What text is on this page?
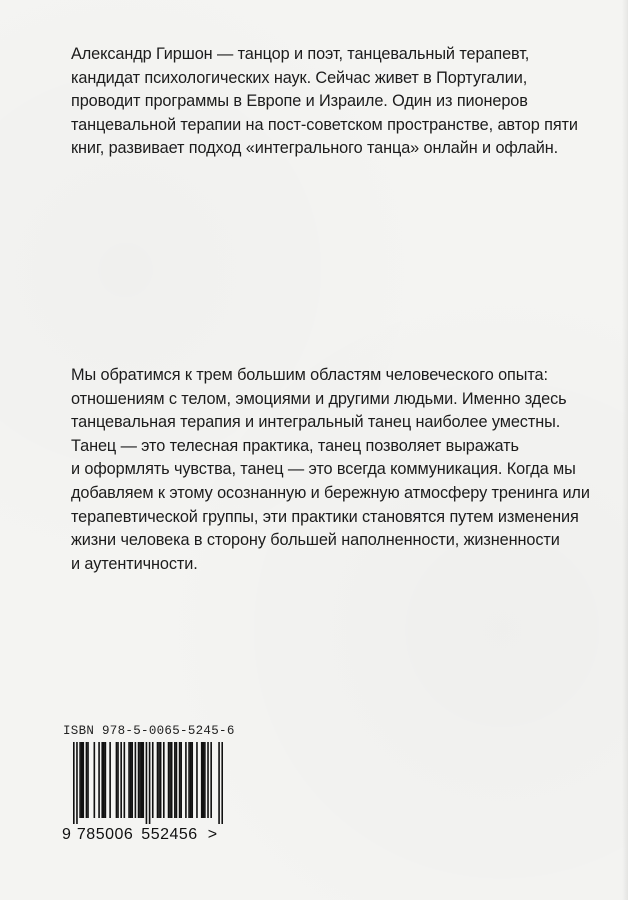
Александр Гиршон — танцор и поэт, танцевальный терапевт,
кандидат психологических наук. Сейчас живет в Португалии,
проводит программы в Европе и Израиле. Один из пионеров
танцевальной терапии на пост-советском пространстве, автор пяти
книг, развивает подход «интегрального танца» онлайн и офлайн.

Мы обратимся к трем большим областям человеческого опыта:
отношениям с телом, эмоциями и другими людьми. Именно здесь
танцевальная терапия и интегральный танец наиболее уместны.
Танец — это телесная практика, танец позволяет выражать
и оформлять чувства, танец — это всегда коммуникация. Когда мы
добавляем к этому осознанную и бережную атмосферу тренинга или
терапевтической группы, эти практики становятся путем изменения
жизни человека в сторону большей наполненности, жизненности
и аутентичности.

ISBN 978-5-0065-5245-6
9 785006 552456 >
